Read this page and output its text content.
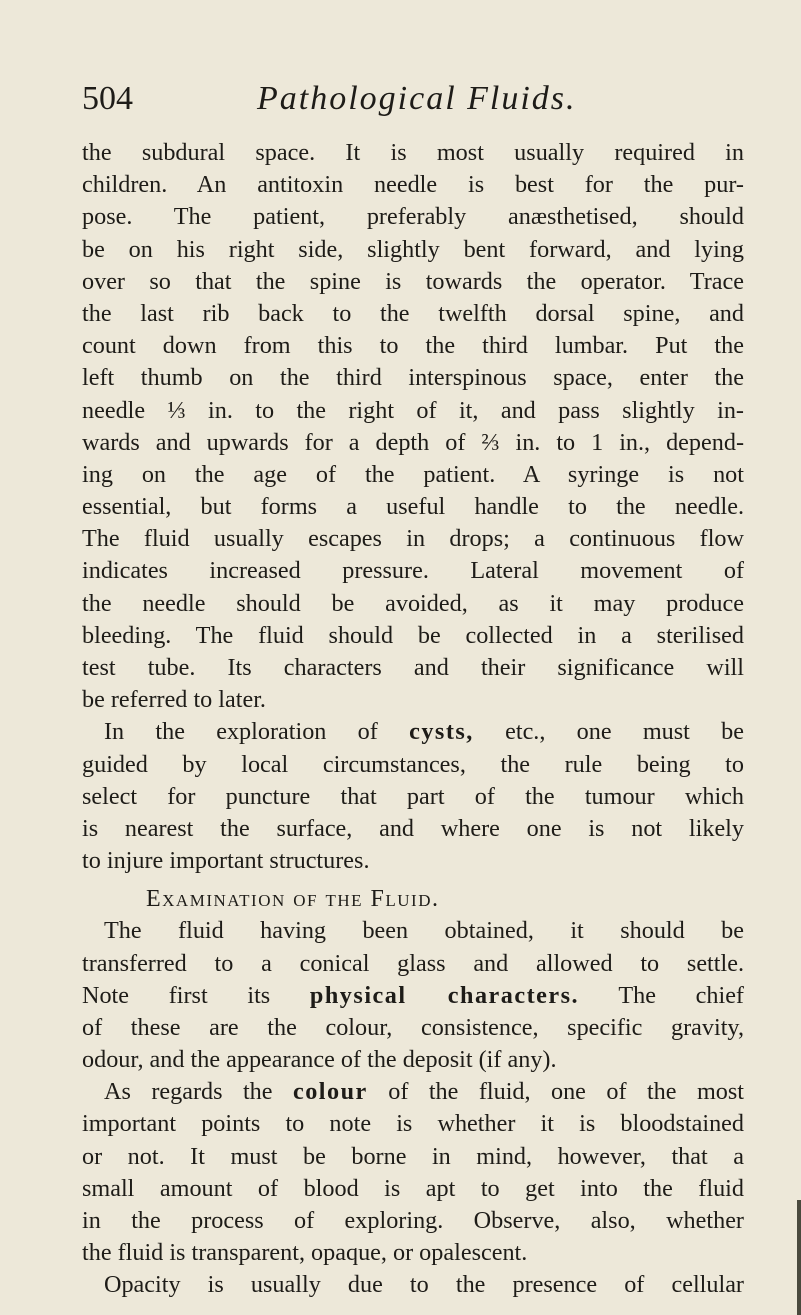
504	Pathological Fluids.
the subdural space. It is most usually required in
children. An antitoxin needle is best for the pur-
pose. The patient, preferably anæsthetised, should
be on his right side, slightly bent forward, and lying
over so that the spine is towards the operator. Trace
the last rib back to the twelfth dorsal spine, and
count down from this to the third lumbar. Put the
left thumb on the third interspinous space, enter the
needle ⅓ in. to the right of it, and pass slightly in-
wards and upwards for a depth of ⅔ in. to 1 in., depend-
ing on the age of the patient. A syringe is not
essential, but forms a useful handle to the needle.
The fluid usually escapes in drops; a continuous flow
indicates increased pressure. Lateral movement of
the needle should be avoided, as it may produce
bleeding. The fluid should be collected in a sterilised
test tube. Its characters and their significance will
be referred to later.
In the exploration of cysts, etc., one must be
guided by local circumstances, the rule being to
select for puncture that part of the tumour which
is nearest the surface, and where one is not likely
to injure important structures.
Examination of the Fluid.
The fluid having been obtained, it should be
transferred to a conical glass and allowed to settle.
Note first its physical characters. The chief
of these are the colour, consistence, specific gravity,
odour, and the appearance of the deposit (if any).
As regards the colour of the fluid, one of the most
important points to note is whether it is bloodstained
or not. It must be borne in mind, however, that a
small amount of blood is apt to get into the fluid
in the process of exploring. Observe, also, whether
the fluid is transparent, opaque, or opalescent.
Opacity is usually due to the presence of cellular
